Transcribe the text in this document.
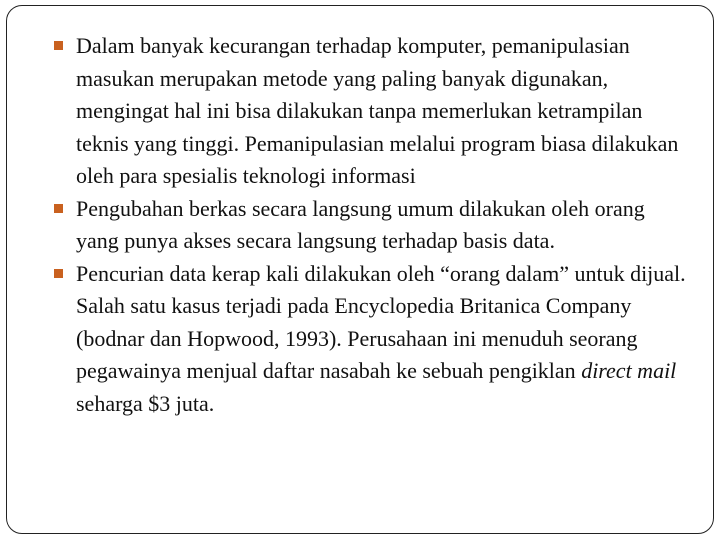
Dalam banyak kecurangan terhadap komputer, pemanipulasian masukan merupakan metode yang paling banyak digunakan, mengingat hal ini bisa dilakukan tanpa memerlukan ketrampilan teknis yang tinggi. Pemanipulasian melalui program biasa dilakukan oleh para spesialis teknologi informasi
Pengubahan berkas secara langsung umum dilakukan oleh orang yang punya akses secara langsung terhadap basis data.
Pencurian data kerap kali dilakukan oleh “orang dalam” untuk dijual. Salah satu kasus terjadi pada Encyclopedia Britanica Company (bodnar dan Hopwood, 1993). Perusahaan ini menuduh seorang pegawainya menjual daftar nasabah ke sebuah pengiklan direct mail seharga $3 juta.
